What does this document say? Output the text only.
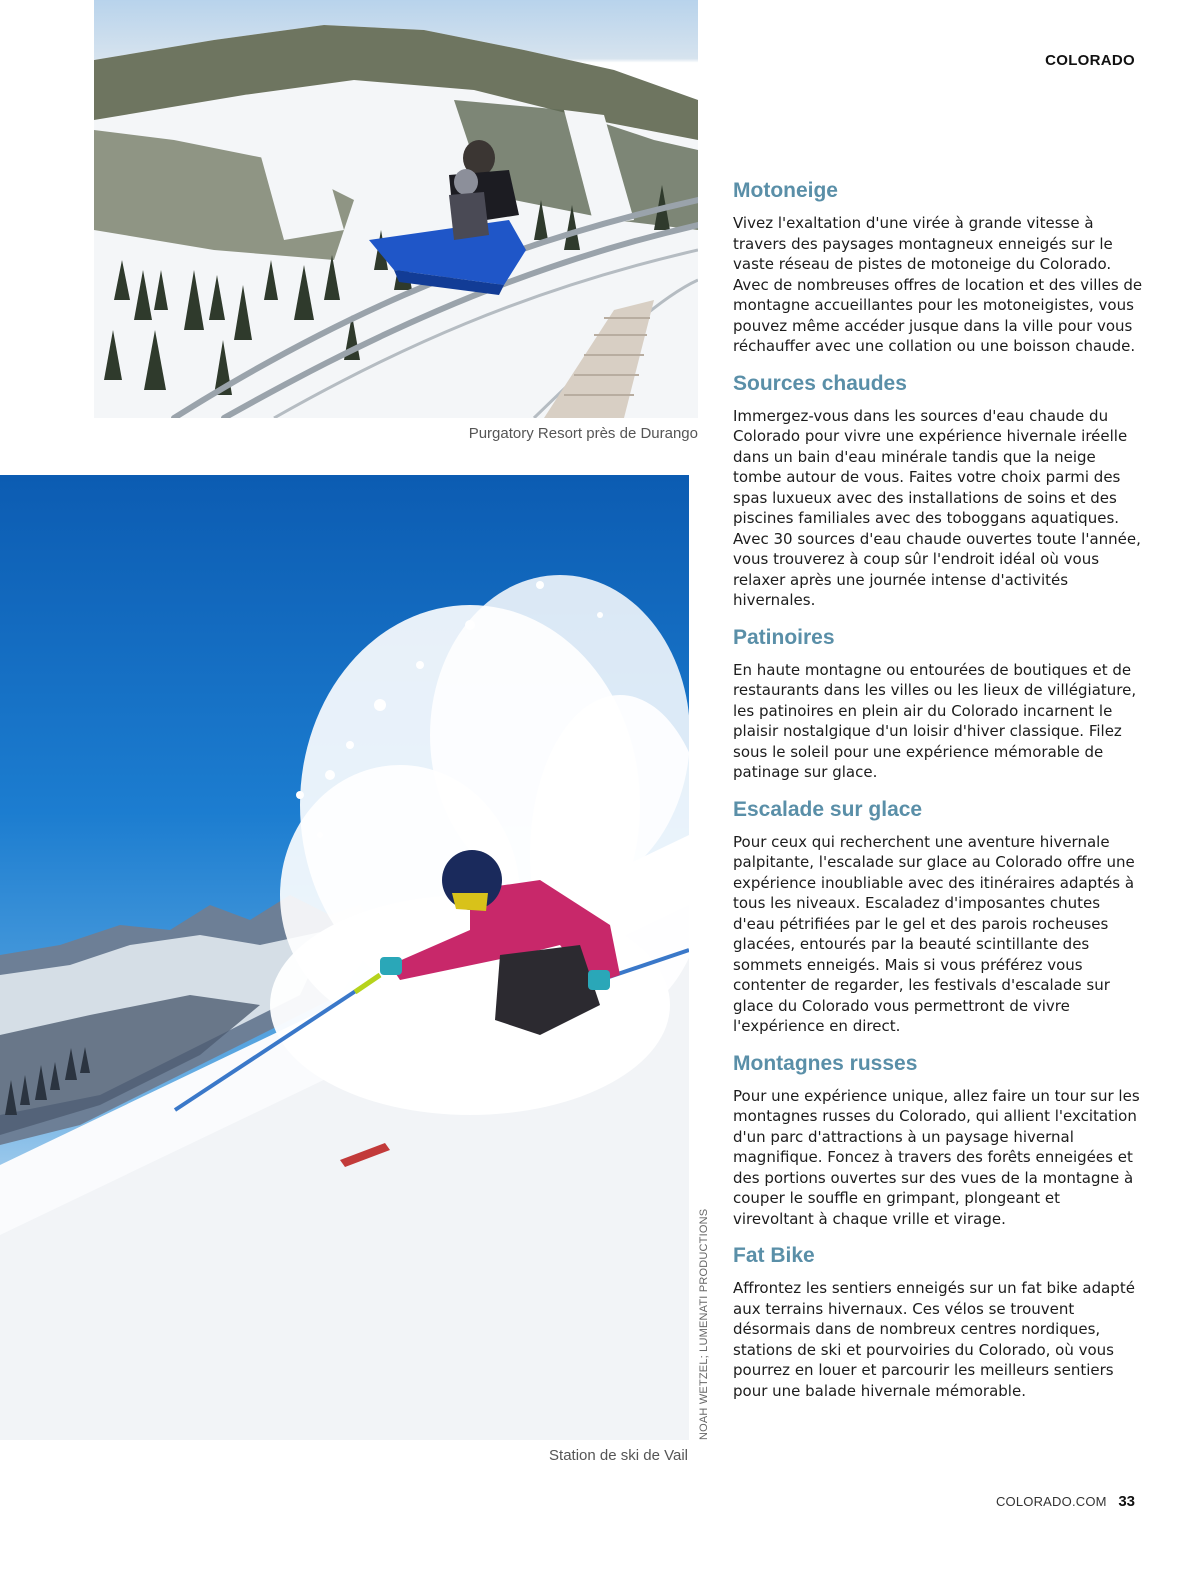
COLORADO
Purgatory Resort près de Durango
Station de ski de Vail
NOAH WETZEL; LUMENATI PRODUCTIONS
Motoneige

Vivez l'exaltation d'une virée à grande vitesse à travers des paysages montagneux enneigés sur le vaste réseau de pistes de motoneige du Colorado. Avec de nombreuses offres de location et des villes de montagne accueillantes pour les motoneigistes, vous pouvez même accéder jusque dans la ville pour vous réchauffer avec une collation ou une boisson chaude.

Sources chaudes

Immergez-vous dans les sources d'eau chaude du Colorado pour vivre une expérience hivernale iréelle dans un bain d'eau minérale tandis que la neige tombe autour de vous. Faites votre choix parmi des spas luxueux avec des installations de soins et des piscines familiales avec des toboggans aquatiques. Avec 30 sources d'eau chaude ouvertes toute l'année, vous trouverez à coup sûr l'endroit idéal où vous relaxer après une journée intense d'activités hivernales.

Patinoires

En haute montagne ou entourées de boutiques et de restaurants dans les villes ou les lieux de villégiature, les patinoires en plein air du Colorado incarnent le plaisir nostalgique d'un loisir d'hiver classique. Filez sous le soleil pour une expérience mémorable de patinage sur glace.

Escalade sur glace

Pour ceux qui recherchent une aventure hivernale palpitante, l'escalade sur glace au Colorado offre une expérience inoubliable avec des itinéraires adaptés à tous les niveaux. Escaladez d'imposantes chutes d'eau pétrifiées par le gel et des parois rocheuses glacées, entourés par la beauté scintillante des sommets enneigés. Mais si vous préférez vous contenter de regarder, les festivals d'escalade sur glace du Colorado vous permettront de vivre l'expérience en direct.

Montagnes russes

Pour une expérience unique, allez faire un tour sur les montagnes russes du Colorado, qui allient l'excitation d'un parc d'attractions à un paysage hivernal magnifique. Foncez à travers des forêts enneigées et des portions ouvertes sur des vues de la montagne à couper le souffle en grimpant, plongeant et virevoltant à chaque vrille et virage.

Fat Bike

Affrontez les sentiers enneigés sur un fat bike adapté aux terrains hivernaux. Ces vélos se trouvent désormais dans de nombreux centres nordiques, stations de ski et pourvoiries du Colorado, où vous pourrez en louer et parcourir les meilleurs sentiers pour une balade hivernale mémorable.

COLORADO.COM 33
